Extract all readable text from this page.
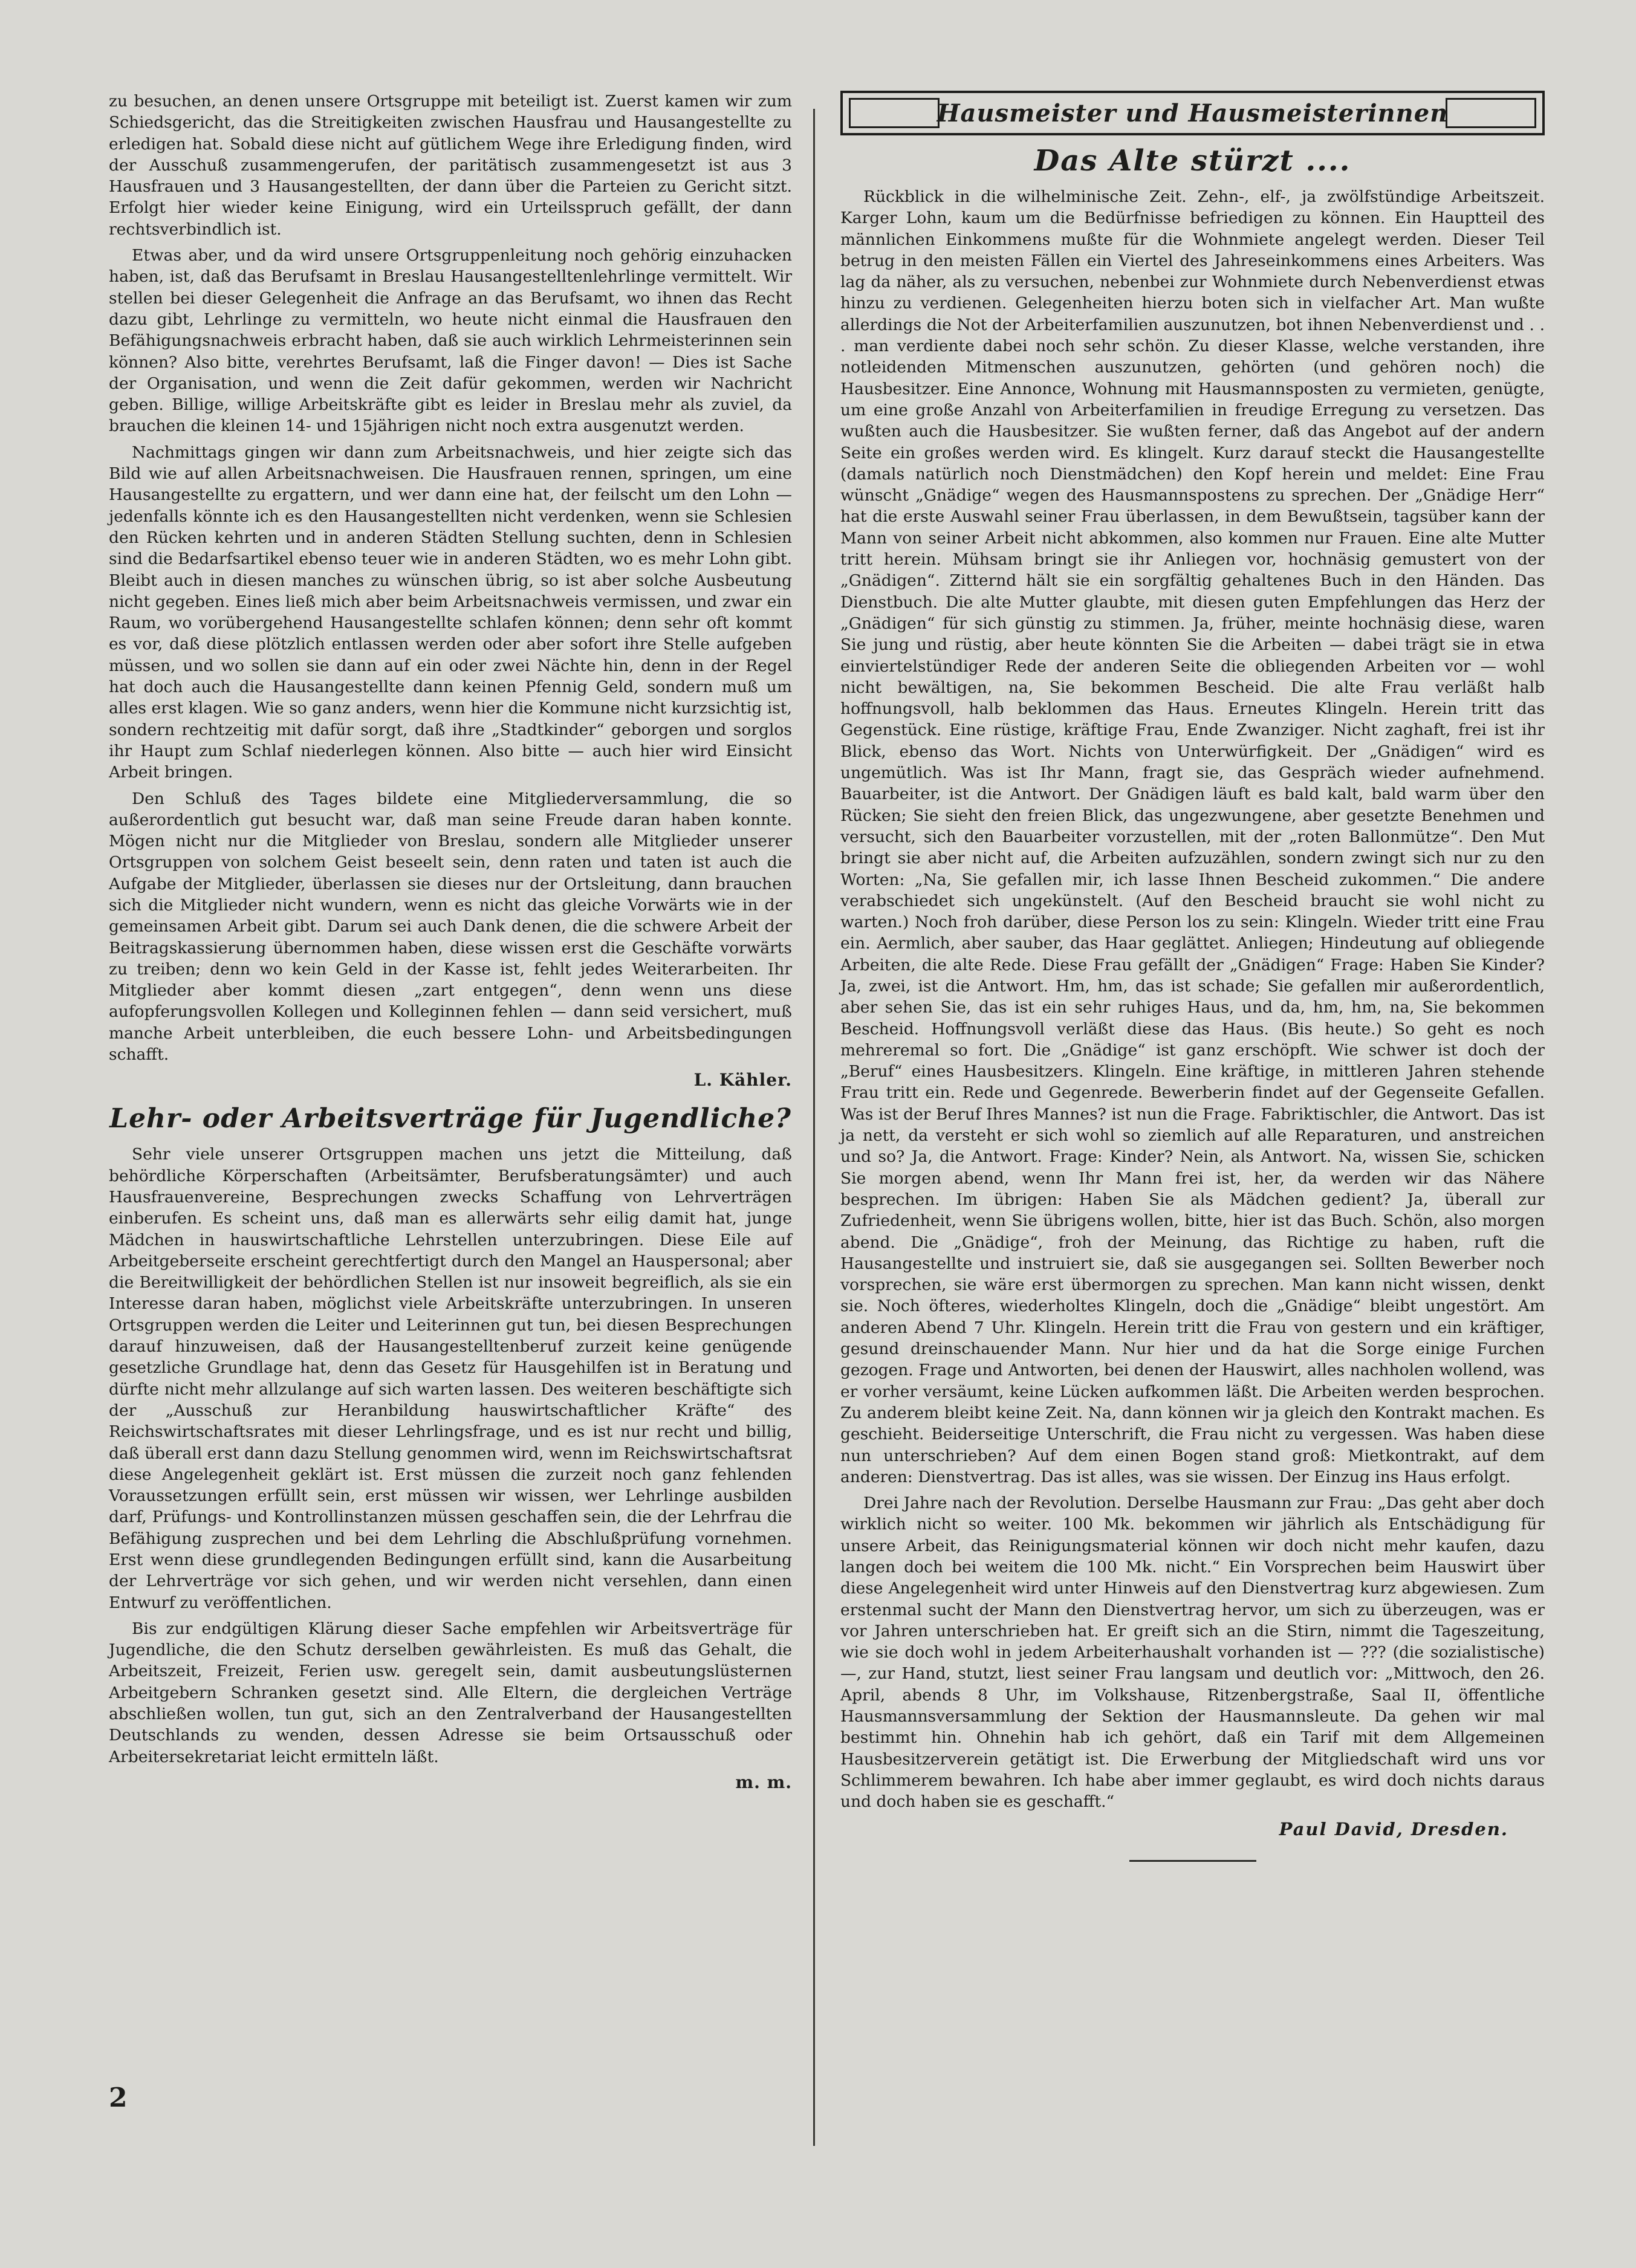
zu besuchen, an denen unsere Ortsgruppe mit beteiligt ist. Zuerst kamen wir zum Schiedsgericht, das die Streitigkeiten zwischen Hausfrau und Hausangestellte zu erledigen hat. Sobald diese nicht auf gütlichem Wege ihre Erledigung finden, wird der Ausschuß zusammengerufen, der paritätisch zusammengesetzt ist aus 3 Hausfrauen und 3 Hausangestellten, der dann über die Parteien zu Gericht sitzt. Erfolgt hier wieder keine Einigung, wird ein Urteilsspruch gefällt, der dann rechtsverbindlich ist.

Etwas aber, und da wird unsere Ortsgruppenleitung noch gehörig einzuhacken haben, ist, daß das Berufsamt in Breslau Hausangestelltenlehrlinge vermittelt. Wir stellen bei dieser Gelegenheit die Anfrage an das Berufsamt, wo ihnen das Recht dazu gibt, Lehrlinge zu vermitteln, wo heute nicht einmal die Hausfrauen den Befähigungsnachweis erbracht haben, daß sie auch wirklich Lehrmeisterinnen sein können? Also bitte, verehrtes Berufsamt, laß die Finger davon! — Dies ist Sache der Organisation, und wenn die Zeit dafür gekommen, werden wir Nachricht geben. Billige, willige Arbeitskräfte gibt es leider in Breslau mehr als zuviel, da brauchen die kleinen 14- und 15jährigen nicht noch extra ausgenutzt werden.

Nachmittags gingen wir dann zum Arbeitsnachweis, und hier zeigte sich das Bild wie auf allen Arbeitsnachweisen. Die Hausfrauen rennen, springen, um eine Hausangestellte zu ergattern, und wer dann eine hat, der feilscht um den Lohn — jedenfalls könnte ich es den Hausangestellten nicht verdenken, wenn sie Schlesien den Rücken kehrten und in anderen Städten Stellung suchten, denn in Schlesien sind die Bedarfsartikel ebenso teuer wie in anderen Städten, wo es mehr Lohn gibt. Bleibt auch in diesen manches zu wünschen übrig, so ist aber solche Ausbeutung nicht gegeben. Eines ließ mich aber beim Arbeitsnachweis vermissen, und zwar ein Raum, wo vorübergehend Hausangestellte schlafen können; denn sehr oft kommt es vor, daß diese plötzlich entlassen werden oder aber sofort ihre Stelle aufgeben müssen, und wo sollen sie dann auf ein oder zwei Nächte hin, denn in der Regel hat doch auch die Hausangestellte dann keinen Pfennig Geld, sondern muß um alles erst klagen. Wie so ganz anders, wenn hier die Kommune nicht kurzsichtig ist, sondern rechtzeitig mit dafür sorgt, daß ihre „Stadtkinder“ geborgen und sorglos ihr Haupt zum Schlaf niederlegen können. Also bitte — auch hier wird Einsicht Arbeit bringen.

Den Schluß des Tages bildete eine Mitgliederversammlung, die so außerordentlich gut besucht war, daß man seine Freude daran haben konnte. Mögen nicht nur die Mitglieder von Breslau, sondern alle Mitglieder unserer Ortsgruppen von solchem Geist beseelt sein, denn raten und taten ist auch die Aufgabe der Mitglieder, überlassen sie dieses nur der Ortsleitung, dann brauchen sich die Mitglieder nicht wundern, wenn es nicht das gleiche Vorwärts wie in der gemeinsamen Arbeit gibt. Darum sei auch Dank denen, die die schwere Arbeit der Beitragskassierung übernommen haben, diese wissen erst die Geschäfte vorwärts zu treiben; denn wo kein Geld in der Kasse ist, fehlt jedes Weiterarbeiten. Ihr Mitglieder aber kommt diesen „zart entgegen“, denn wenn uns diese aufopferungsvollen Kollegen und Kolleginnen fehlen — dann seid versichert, muß manche Arbeit unterbleiben, die euch bessere Lohn- und Arbeitsbedingungen schafft.

L. Kähler.
Lehr- oder Arbeitsverträge für Jugendliche?

Sehr viele unserer Ortsgruppen machen uns jetzt die Mitteilung, daß behördliche Körperschaften (Arbeitsämter, Berufsberatungsämter) und auch Hausfrauenvereine, Besprechungen zwecks Schaffung von Lehrverträgen einberufen. Es scheint uns, daß man es allerwärts sehr eilig damit hat, junge Mädchen in hauswirtschaftliche Lehrstellen unterzubringen. Diese Eile auf Arbeitgeberseite erscheint gerechtfertigt durch den Mangel an Hauspersonal; aber die Bereitwilligkeit der behördlichen Stellen ist nur insoweit begreiflich, als sie ein Interesse daran haben, möglichst viele Arbeitskräfte unterzubringen. In unseren Ortsgruppen werden die Leiter und Leiterinnen gut tun, bei diesen Besprechungen darauf hinzuweisen, daß der Hausangestelltenberuf zurzeit keine genügende gesetzliche Grundlage hat, denn das Gesetz für Hausgehilfen ist in Beratung und dürfte nicht mehr allzulange auf sich warten lassen. Des weiteren beschäftigte sich der „Ausschuß zur Heranbildung hauswirtschaftlicher Kräfte“ des Reichswirtschaftsrates mit dieser Lehrlingsfrage, und es ist nur recht und billig, daß überall erst dann dazu Stellung genommen wird, wenn im Reichswirtschaftsrat diese Angelegenheit geklärt ist. Erst müssen die zurzeit noch ganz fehlenden Voraussetzungen erfüllt sein, erst müssen wir wissen, wer Lehrlinge ausbilden darf, Prüfungs- und Kontrollinstanzen müssen geschaffen sein, die der Lehrfrau die Befähigung zusprechen und bei dem Lehrling die Abschlußprüfung vornehmen. Erst wenn diese grundlegenden Bedingungen erfüllt sind, kann die Ausarbeitung der Lehrverträge vor sich gehen, und wir werden nicht versehlen, dann einen Entwurf zu veröffentlichen.

Bis zur endgültigen Klärung dieser Sache empfehlen wir Arbeitsverträge für Jugendliche, die den Schutz derselben gewährleisten. Es muß das Gehalt, die Arbeitszeit, Freizeit, Ferien usw. geregelt sein, damit ausbeutungslüsternen Arbeitgebern Schranken gesetzt sind. Alle Eltern, die dergleichen Verträge abschließen wollen, tun gut, sich an den Zentralverband der Hausangestellten Deutschlands zu wenden, dessen Adresse sie beim Ortsausschuß oder Arbeitersekretariat leicht ermitteln läßt.

m. m.
Hausmeister und Hausmeisterinnen
Das Alte stürzt ....

Rückblick in die wilhelminische Zeit. Zehn-, elf-, ja zwölfstündige Arbeitszeit. Karger Lohn, kaum um die Bedürfnisse befriedigen zu können. Ein Hauptteil des männlichen Einkommens mußte für die Wohnmiete angelegt werden. Dieser Teil betrug in den meisten Fällen ein Viertel des Jahreseinkommens eines Arbeiters. Was lag da näher, als zu versuchen, nebenbei zur Wohnmiete durch Nebenverdienst etwas hinzu zu verdienen. Gelegenheiten hierzu boten sich in vielfacher Art. Man wußte allerdings die Not der Arbeiterfamilien auszunutzen, bot ihnen Nebenverdienst und . . . man verdiente dabei noch sehr schön. Zu dieser Klasse, welche verstanden, ihre notleidenden Mitmenschen auszunutzen, gehörten (und gehören noch) die Hausbesitzer. Eine Annonce, Wohnung mit Hausmannsposten zu vermieten, genügte, um eine große Anzahl von Arbeiterfamilien in freudige Erregung zu versetzen. Das wußten auch die Hausbesitzer. Sie wußten ferner, daß das Angebot auf der andern Seite ein großes werden wird. Es klingelt. Kurz darauf steckt die Hausangestellte (damals natürlich noch Dienstmädchen) den Kopf herein und meldet: Eine Frau wünscht „Gnädige“ wegen des Hausmannspostens zu sprechen. Der „Gnädige Herr“ hat die erste Auswahl seiner Frau überlassen, in dem Bewußtsein, tagsüber kann der Mann von seiner Arbeit nicht abkommen, also kommen nur Frauen. Eine alte Mutter tritt herein. Mühsam bringt sie ihr Anliegen vor, hochnäsig gemustert von der „Gnädigen“. Zitternd hält sie ein sorgfältig gehaltenes Buch in den Händen. Das Dienstbuch. Die alte Mutter glaubte, mit diesen guten Empfehlungen das Herz der „Gnädigen“ für sich günstig zu stimmen. Ja, früher, meinte hochnäsig diese, waren Sie jung und rüstig, aber heute könnten Sie die Arbeiten — dabei trägt sie in etwa einviertelstündiger Rede der anderen Seite die obliegenden Arbeiten vor — wohl nicht bewältigen, na, Sie bekommen Bescheid. Die alte Frau verläßt halb hoffnungsvoll, halb beklommen das Haus. Erneutes Klingeln. Herein tritt das Gegenstück. Eine rüstige, kräftige Frau, Ende Zwanziger. Nicht zaghaft, frei ist ihr Blick, ebenso das Wort. Nichts von Unterwürfigkeit. Der „Gnädigen“ wird es ungemütlich. Was ist Ihr Mann, fragt sie, das Gespräch wieder aufnehmend. Bauarbeiter, ist die Antwort. Der Gnädigen läuft es bald kalt, bald warm über den Rücken; Sie sieht den freien Blick, das ungezwungene, aber gesetzte Benehmen und versucht, sich den Bauarbeiter vorzustellen, mit der „roten Ballonmütze“. Den Mut bringt sie aber nicht auf, die Arbeiten aufzuzählen, sondern zwingt sich nur zu den Worten: „Na, Sie gefallen mir, ich lasse Ihnen Bescheid zukommen.“ Die andere verabschiedet sich ungekünstelt. (Auf den Bescheid braucht sie wohl nicht zu warten.) Noch froh darüber, diese Person los zu sein: Klingeln. Wieder tritt eine Frau ein. Aermlich, aber sauber, das Haar geglättet. Anliegen; Hindeutung auf obliegende Arbeiten, die alte Rede. Diese Frau gefällt der „Gnädigen“ Frage: Haben Sie Kinder? Ja, zwei, ist die Antwort. Hm, hm, das ist schade; Sie gefallen mir außerordentlich, aber sehen Sie, das ist ein sehr ruhiges Haus, und da, hm, hm, na, Sie bekommen Bescheid. Hoffnungsvoll verläßt diese das Haus. (Bis heute.) So geht es noch mehreremal so fort. Die „Gnädige“ ist ganz erschöpft. Wie schwer ist doch der „Beruf“ eines Hausbesitzers. Klingeln. Eine kräftige, in mittleren Jahren stehende Frau tritt ein. Rede und Gegenrede. Bewerberin findet auf der Gegenseite Gefallen. Was ist der Beruf Ihres Mannes? ist nun die Frage. Fabriktischler, die Antwort. Das ist ja nett, da versteht er sich wohl so ziemlich auf alle Reparaturen, und anstreichen und so? Ja, die Antwort. Frage: Kinder? Nein, als Antwort. Na, wissen Sie, schicken Sie morgen abend, wenn Ihr Mann frei ist, her, da werden wir das Nähere besprechen. Im übrigen: Haben Sie als Mädchen gedient? Ja, überall zur Zufriedenheit, wenn Sie übrigens wollen, bitte, hier ist das Buch. Schön, also morgen abend. Die „Gnädige“, froh der Meinung, das Richtige zu haben, ruft die Hausangestellte und instruiert sie, daß sie ausgegangen sei. Sollten Bewerber noch vorsprechen, sie wäre erst übermorgen zu sprechen. Man kann nicht wissen, denkt sie. Noch öfteres, wiederholtes Klingeln, doch die „Gnädige“ bleibt ungestört. Am anderen Abend 7 Uhr. Klingeln. Herein tritt die Frau von gestern und ein kräftiger, gesund dreinschauender Mann. Nur hier und da hat die Sorge einige Furchen gezogen. Frage und Antworten, bei denen der Hauswirt, alles nachholen wollend, was er vorher versäumt, keine Lücken aufkommen läßt. Die Arbeiten werden besprochen. Zu anderem bleibt keine Zeit. Na, dann können wir ja gleich den Kontrakt machen. Es geschieht. Beiderseitige Unterschrift, die Frau nicht zu vergessen. Was haben diese nun unterschrieben? Auf dem einen Bogen stand groß: Mietkontrakt, auf dem anderen: Dienstvertrag. Das ist alles, was sie wissen. Der Einzug ins Haus erfolgt.

Drei Jahre nach der Revolution. Derselbe Hausmann zur Frau: „Das geht aber doch wirklich nicht so weiter. 100 Mk. bekommen wir jährlich als Entschädigung für unsere Arbeit, das Reinigungsmaterial können wir doch nicht mehr kaufen, dazu langen doch bei weitem die 100 Mk. nicht.“ Ein Vorsprechen beim Hauswirt über diese Angelegenheit wird unter Hinweis auf den Dienstvertrag kurz abgewiesen. Zum erstenmal sucht der Mann den Dienstvertrag hervor, um sich zu überzeugen, was er vor Jahren unterschrieben hat. Er greift sich an die Stirn, nimmt die Tageszeitung, wie sie doch wohl in jedem Arbeiterhaushalt vorhanden ist — ??? (die sozialistische) —, zur Hand, stutzt, liest seiner Frau langsam und deutlich vor: „Mittwoch, den 26. April, abends 8 Uhr, im Volkshause, Ritzenbergstraße, Saal II, öffentliche Hausmannsversammlung der Sektion der Hausmannsleute. Da gehen wir mal bestimmt hin. Ohnehin hab ich gehört, daß ein Tarif mit dem Allgemeinen Hausbesitzerverein getätigt ist. Die Erwerbung der Mitgliedschaft wird uns vor Schlimmerem bewahren. Ich habe aber immer geglaubt, es wird doch nichts daraus und doch haben sie es geschafft.“

Paul David, Dresden.
2
